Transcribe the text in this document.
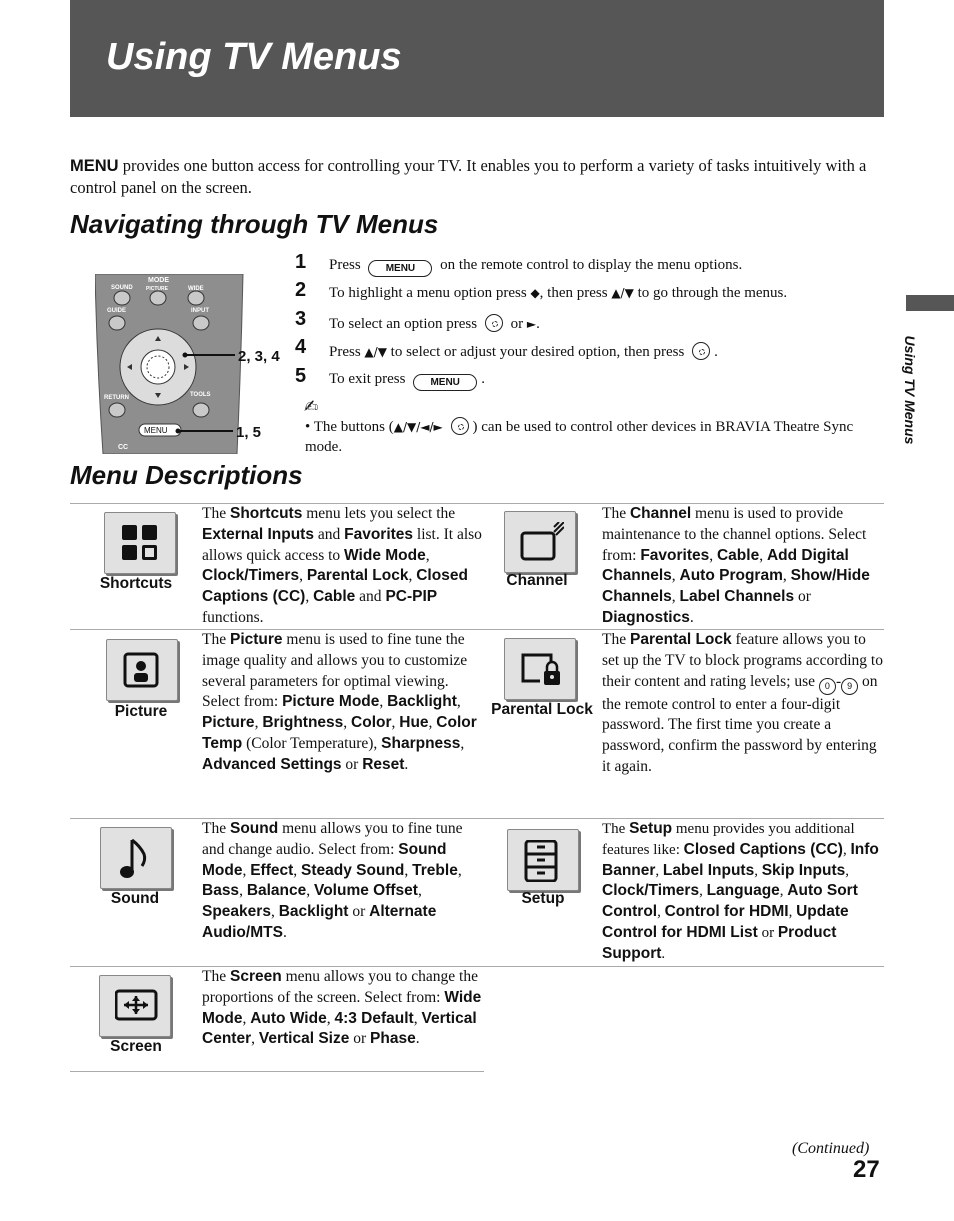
Using TV Menus

MENU provides one button access for controlling your TV. It enables you to perform a variety of tasks intuitively with a control panel on the screen.

Navigating through TV Menus
SOUND
MODE
PICTURE	WIDE
GUIDE	INPUT
RETURN	TOOLS
MENU
CC
2, 3, 4
1, 5
1 Press	MENU on the remote control to display the menu options.
2 To highlight a menu option press ◆, then press ▲/▼ to go through the menus.
3 To select an option press or ►.
4 Press ▲/▼ to select or adjust your desired option, then press .
5 To exit press	MENU .
✍
• The buttons (▲/▼/◄/► ) can be used to control other devices in BRAVIA Theatre Sync mode.
Using TV Menus
Menu Descriptions
Shortcuts

The Shortcuts menu lets you select the External Inputs and Favorites list. It also allows quick access to Wide Mode, Clock/Timers, Parental Lock, Closed Captions (CC), Cable and PC-PIP functions.

Channel

The Channel menu is used to provide maintenance to the channel options. Select from: Favorites, Cable, Add Digital Channels, Auto Program, Show/Hide Channels, Label Channels or Diagnostics.

Picture

The Picture menu is used to fine tune the image quality and allows you to customize several parameters for optimal viewing. Select from: Picture Mode, Backlight, Picture, Brightness, Color, Hue, Color Temp (Color Temperature), Sharpness, Advanced Settings or Reset.

Parental Lock

The Parental Lock feature allows you to set up the TV to block programs according to their content and rating levels; use 0 - 9 on the remote control to enter a four-digit password. The first time you create a password, confirm the password by entering it again.

Sound

The Sound menu allows you to fine tune and change audio. Select from: Sound Mode, Effect, Steady Sound, Treble, Bass, Balance, Volume Offset, Speakers, Backlight or Alternate Audio/MTS.

Setup

The Setup menu provides you additional features like: Closed Captions (CC), Info Banner, Label Inputs, Skip Inputs, Clock/Timers, Language, Auto Sort Control, Control for HDMI, Update Control for HDMI List or Product Support.

Screen

The Screen menu allows you to change the proportions of the screen. Select from: Wide Mode, Auto Wide, 4:3 Default, Vertical Center, Vertical Size or Phase.

(Continued)
27
